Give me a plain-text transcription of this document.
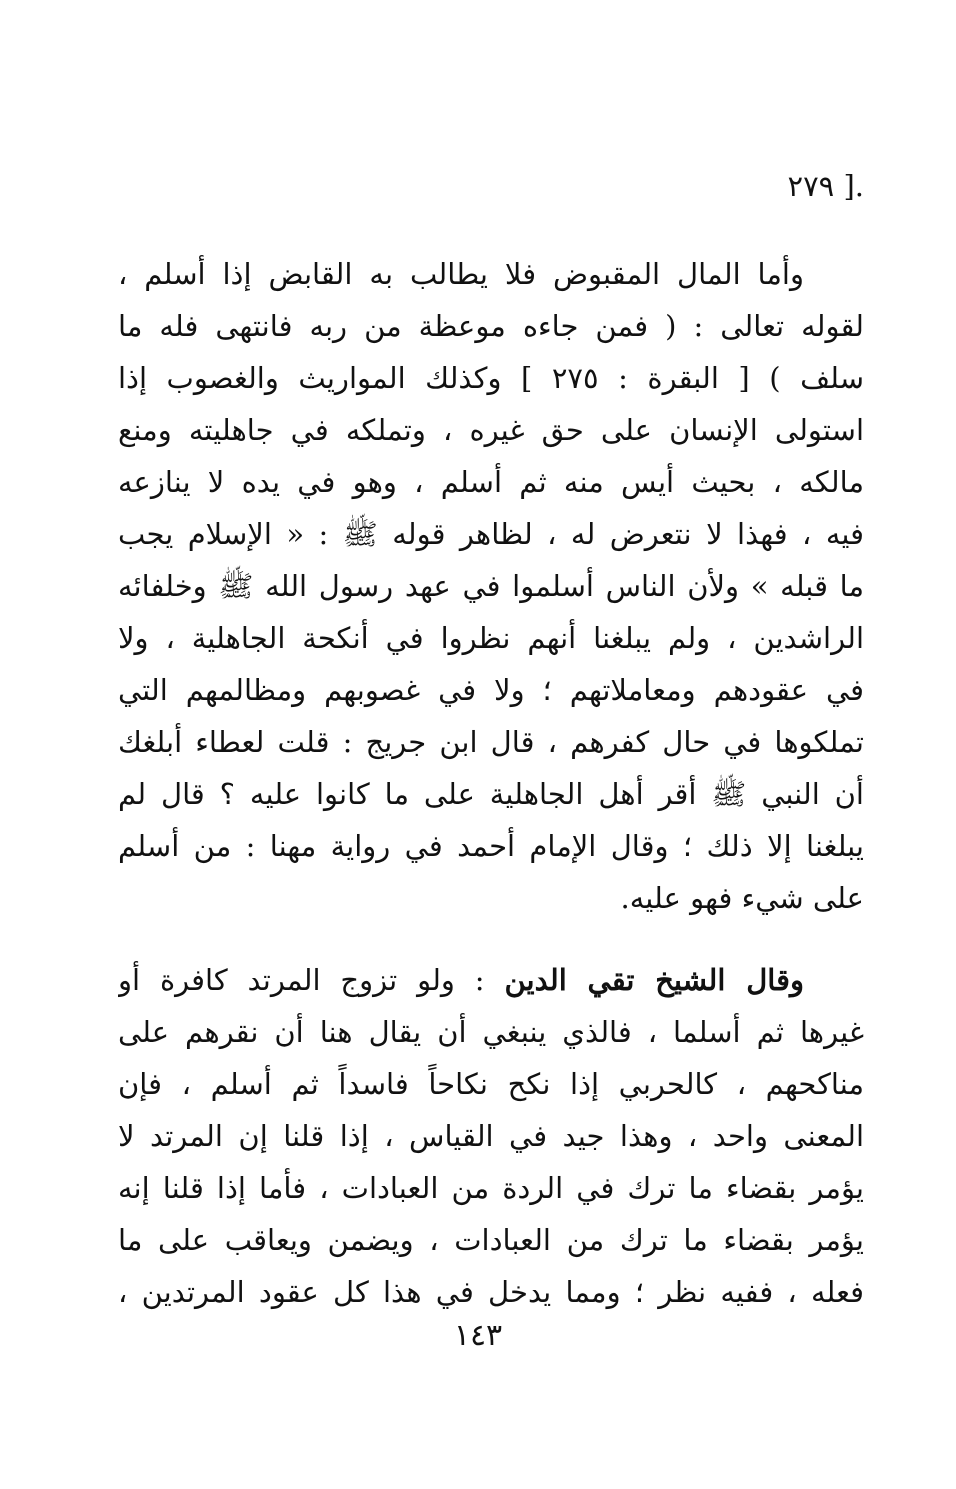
.[ ٢٧٩
وأما المال المقبوض فلا يطالب به القابض إذا أسلم ،
لقوله تعالى : ( فمن جاءه موعظة من ربه فانتهى فله ما
سلف ) [ البقرة : ٢٧٥ ] وكذلك المواريث والغصوب إذا
استولى الإنسان على حق غيره ، وتملكه في جاهليته ومنع
مالكه ، بحيث أيس منه ثم أسلم ، وهو في يده لا ينازعه
فيه ، فهذا لا نتعرض له ، لظاهر قوله ﷺ : « الإسلام يجب
ما قبله » ولأن الناس أسلموا في عهد رسول الله ﷺ وخلفائه
الراشدين ، ولم يبلغنا أنهم نظروا في أنكحة الجاهلية ، ولا
في عقودهم ومعاملاتهم ؛ ولا في غصوبهم ومظالمهم التي
تملكوها في حال كفرهم ، قال ابن جريج : قلت لعطاء أبلغك
أن النبي ﷺ أقر أهل الجاهلية على ما كانوا عليه ؟ قال لم
يبلغنا إلا ذلك ؛ وقال الإمام أحمد في رواية مهنا : من أسلم
على شيء فهو عليه.
وقال الشيخ تقي الدين : ولو تزوج المرتد كافرة أو
غيرها ثم أسلما ، فالذي ينبغي أن يقال هنا أن نقرهم على
مناكحهم ، كالحربي إذا نكح نكاحاً فاسداً ثم أسلم ، فإن
المعنى واحد ، وهذا جيد في القياس ، إذا قلنا إن المرتد لا
يؤمر بقضاء ما ترك في الردة من العبادات ، فأما إذا قلنا إنه
يؤمر بقضاء ما ترك من العبادات ، ويضمن ويعاقب على ما
فعله ، ففيه نظر ؛ ومما يدخل في هذا كل عقود المرتدين ،
١٤٣
